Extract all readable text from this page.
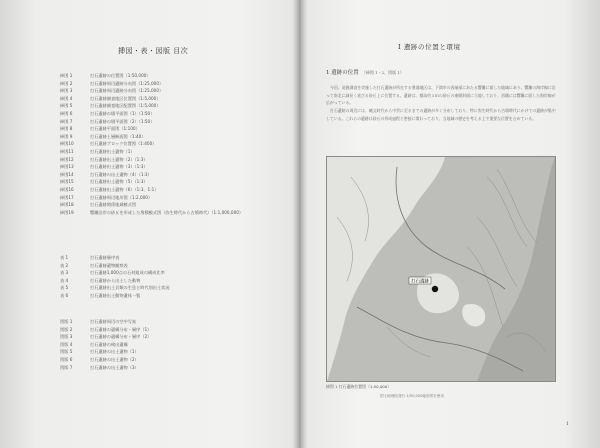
挿図・表・図版 目次
挿図 1	打石遺跡の位置図（1:50,000）
挿図 2	打石遺跡周辺遺跡分布図（1:25,000）
挿図 3	打石遺跡周辺遺跡分布図（1:25,000）
挿図 4	打石遺跡調査地区位置図（1:5,000）
挿図 5	打石遺跡調査地区配置図（1:5,000）
挿図 6	打石遺跡の墳平面図（1）（1:50）
挿図 7	打石遺跡の墳平面図（2）（1:50）
挿図 8	打石遺跡平面図（1:100）
挿図 9	打石遺跡土層断面図（1:40）
挿図10	打石遺跡ブロック位置図（1:400）
挿図11	打石遺跡出土遺物（1）
挿図12	打石遺跡出土遺物（2）（1:3）
挿図13	打石遺跡出土遺物（3）（1:3）
挿図14	打石遺跡の出土遺物（4）（1:3）
挿図15	打石遺跡出土遺物（5）（1:3）
挿図16	打石遺跡出土遺物（6）（1:3、1:1）
挿図17	打石遺跡周辺地形図（1:2,000）
挿図18	打石遺跡関係地域模式図
挿図19	響灘沿岸の砂丘を形成した堆積模式図（弥生時代から古墳時代）（1:1,000,000）
表 1	打石遺跡層序表
表 2	打石遺跡遺物観察表
表 3	打石遺跡1,000点の石材組成の構成比率
表 4	打石遺跡から出土した動物
表 5	打石遺跡出土貝類の生息と時代別出土状況
表 6	打石遺跡出土動物遺体一覧
図版 1	打石遺跡周辺の空中写真
図版 2	打石遺跡の遺構分布・層序（1）
図版 3	打石遺跡の遺構分布・層序（2）
図版 4	打石遺跡の検出遺構
図版 5	打石遺跡の出土遺物（1）
図版 6	打石遺跡の出土遺物（2）
図版 7	打石遺跡の出土遺物（3）
I 遺跡の位置と環境
1 遺跡の位置 （挿図 1・2、図版 1）

今回、発掘調査を実施した打石遺跡が所在する豊浦地区は、下関市の西端部にあたる響灘に面した地域にあり、響灘の海岸線に沿って南北に細長く延びる砂丘上に位置する。遺跡は、標高約５ｍの砂丘の東側斜面に立地しており、西側には響灘に面した海岸線が広がっている。

打石遺跡の周辺には、縄文時代から中世に至るまでの遺跡が多く分布しており、特に弥生時代から古墳時代にかけての遺跡が集中している。これらの遺跡は砂丘の形成過程と密接に関わっており、当地域の歴史を考える上で重要な位置を占めている。

打石遺跡
挿図 1 打石遺跡位置図（1:50,000）
国土地理院発行 1/50,000地形図を使用
1
